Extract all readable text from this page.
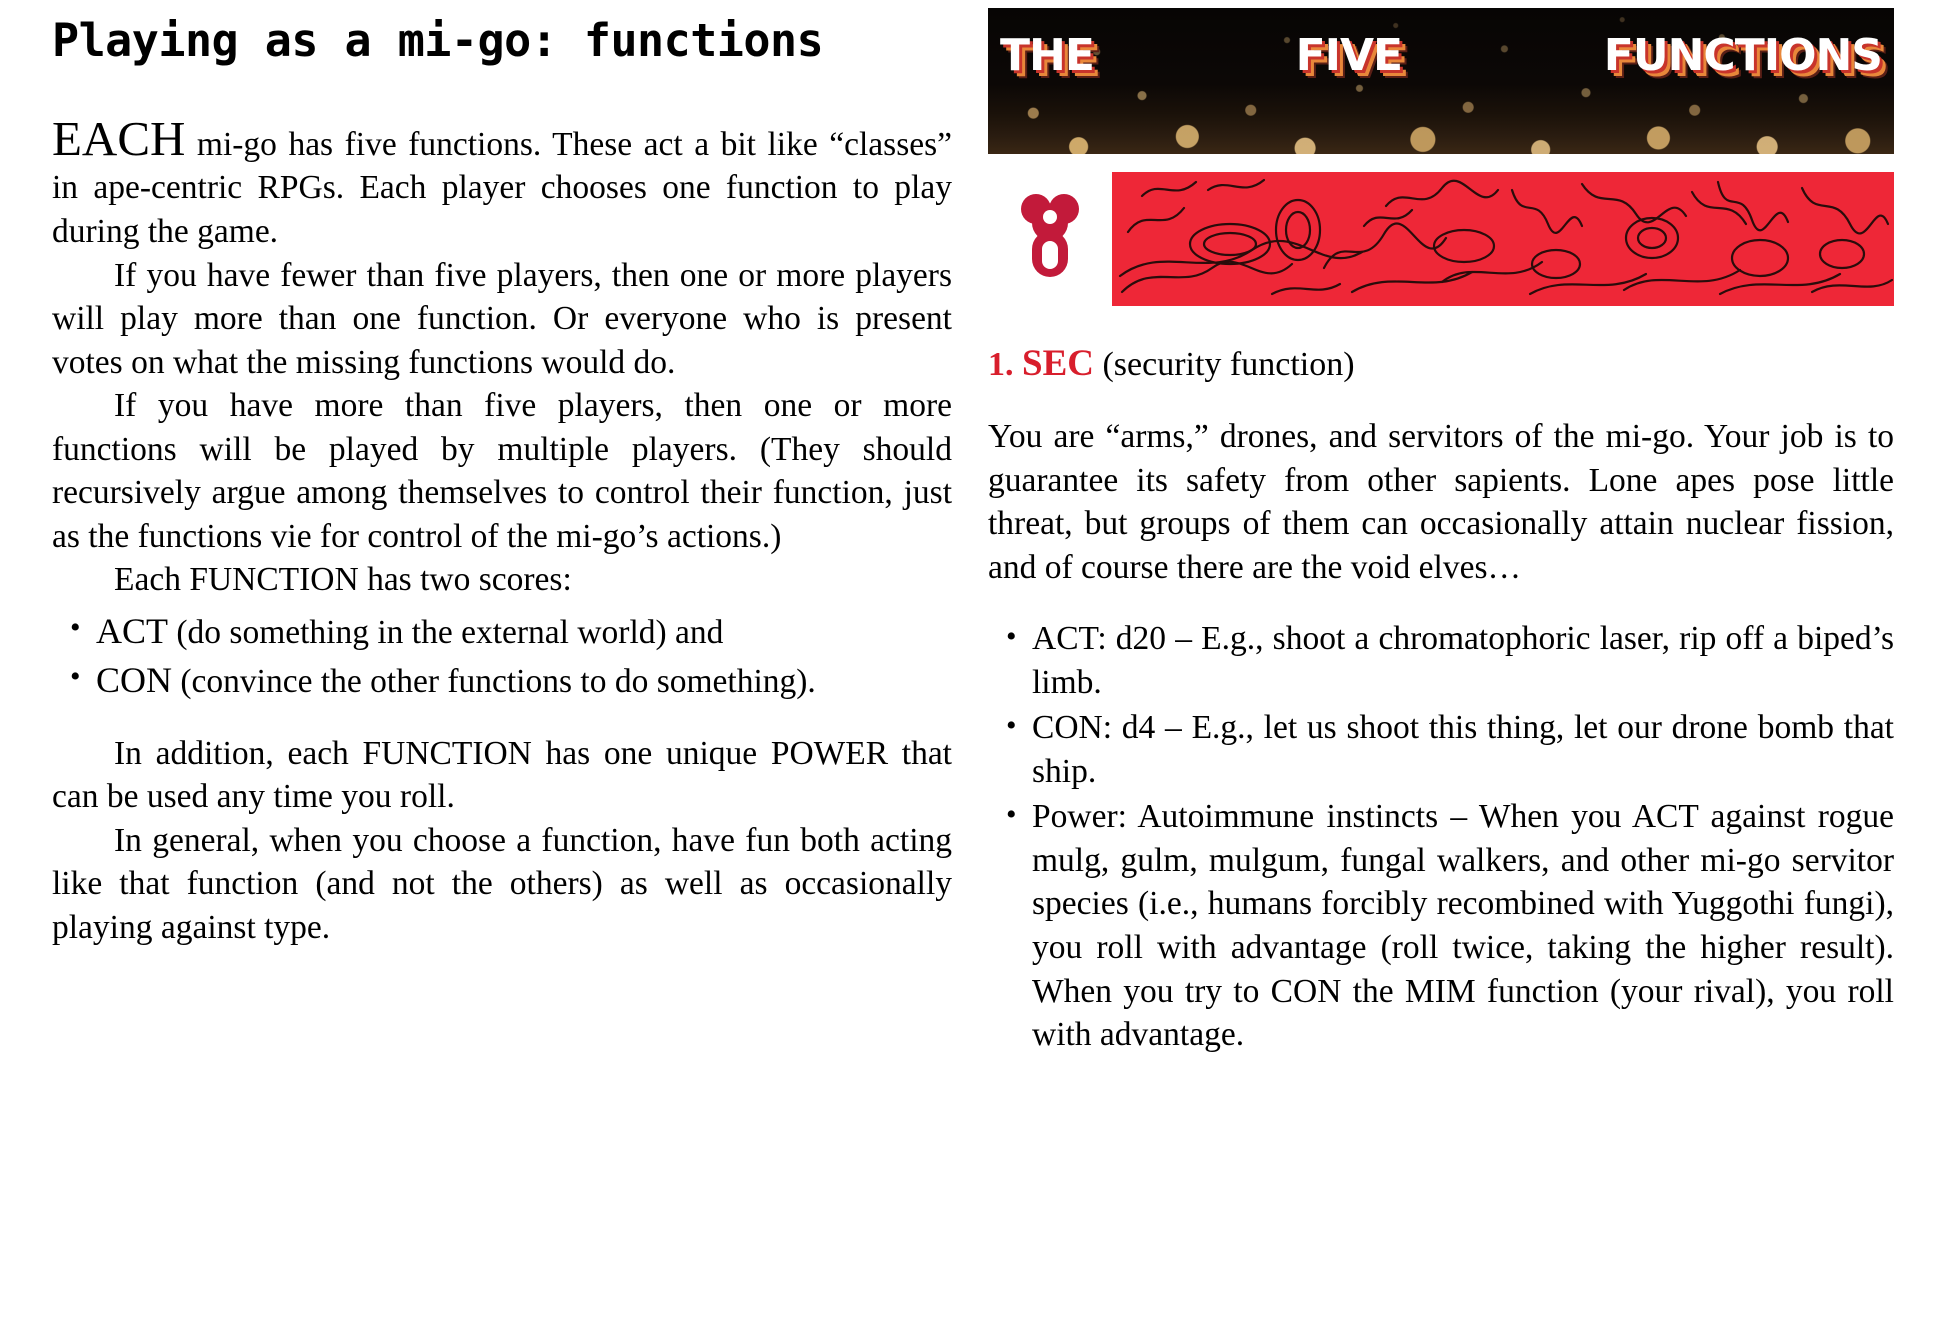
Playing as a mi-go: functions

EACH mi-go has five functions. These act a bit like “classes” in ape-centric RPGs. Each player chooses one function to play during the game.

If you have fewer than five players, then one or more players will play more than one function. Or everyone who is present votes on what the missing functions would do.

If you have more than five players, then one or more functions will be played by multiple players. (They should recursively argue among themselves to control their function, just as the functions vie for control of the mi-go’s actions.)

Each FUNCTION has two scores:

• ACT (do something in the external world) and
• CON (convince the other functions to do something).

In addition, each FUNCTION has one unique POWER that can be used any time you roll.

In general, when you choose a function, have fun both acting like that function (and not the others) as well as occasionally playing against type.

THE	FIVE	FUNCTIONS

1. SEC (security function)

You are “arms,” drones, and servitors of the mi-go. Your job is to guarantee its safety from other sapients. Lone apes pose little threat, but groups of them can occasionally attain nuclear fission, and of course there are the void elves…

• ACT: d20 – E.g., shoot a chromatophoric laser, rip off a biped’s limb.
• CON: d4 – E.g., let us shoot this thing, let our drone bomb that ship.
• Power: Autoimmune instincts – When you ACT against rogue mulg, gulm, mulgum, fungal walkers, and other mi-go servitor species (i.e., humans forcibly recombined with Yuggothi fungi), you roll with advantage (roll twice, taking the higher result). When you try to CON the MIM function (your rival), you roll with advantage.
